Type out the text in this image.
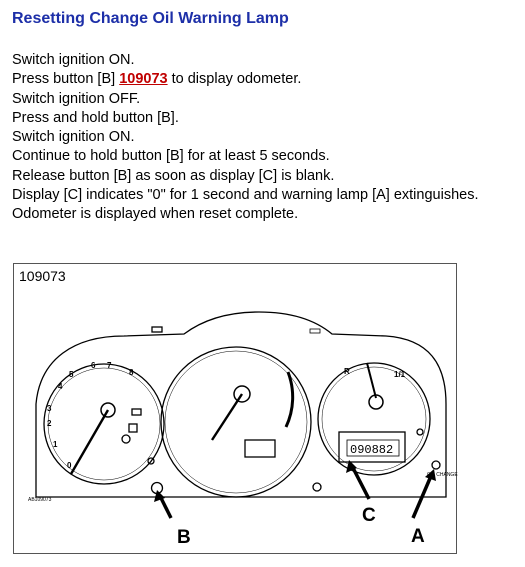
Resetting Change Oil Warning Lamp
Switch ignition ON.
Press button [B] 109073 to display odometer.
Switch ignition OFF.
Press and hold button [B].
Switch ignition ON.
Continue to hold button [B] for at least 5 seconds.
Release button [B] as soon as display [C] is blank.
Display [C] indicates "0" for 1 second and warning lamp [A] extinguishes.
Odometer is displayed when reset complete.
109073
0
1
2
3
4
5
6 7
8	R	1/1
090882
OIL CHANGE
AB109073
B
C
A
